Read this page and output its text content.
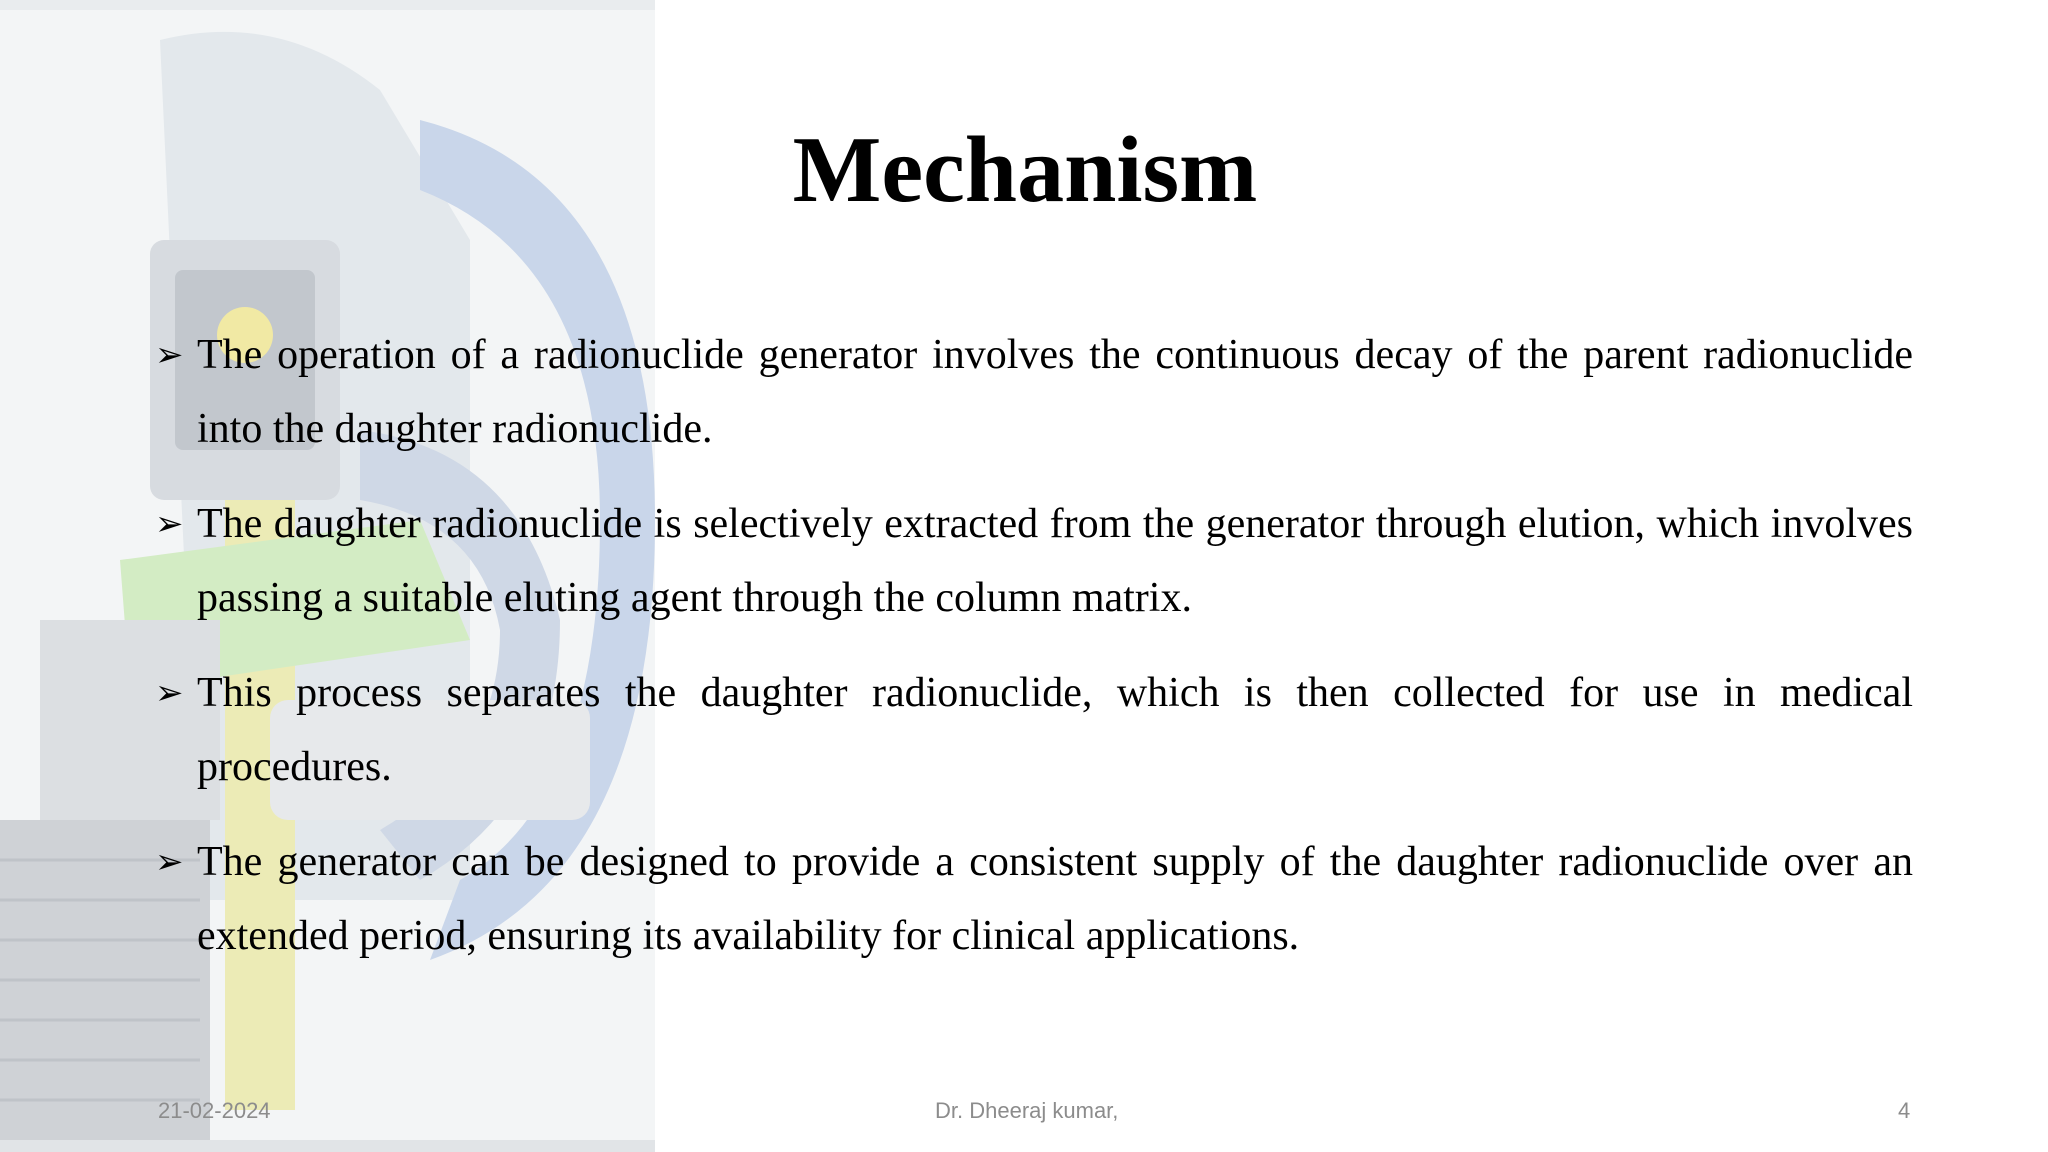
Mechanism
➢ The operation of a radionuclide generator involves the continuous decay of the parent radionuclide into the daughter radionuclide.
➢ The daughter radionuclide is selectively extracted from the generator through elution, which involves passing a suitable eluting agent through the column matrix.
➢ This process separates the daughter radionuclide, which is then collected for use in medical procedures.
➢ The generator can be designed to provide a consistent supply of the daughter radionuclide over an extended period, ensuring its availability for clinical applications.
21-02-2024	Dr. Dheeraj kumar,	4
